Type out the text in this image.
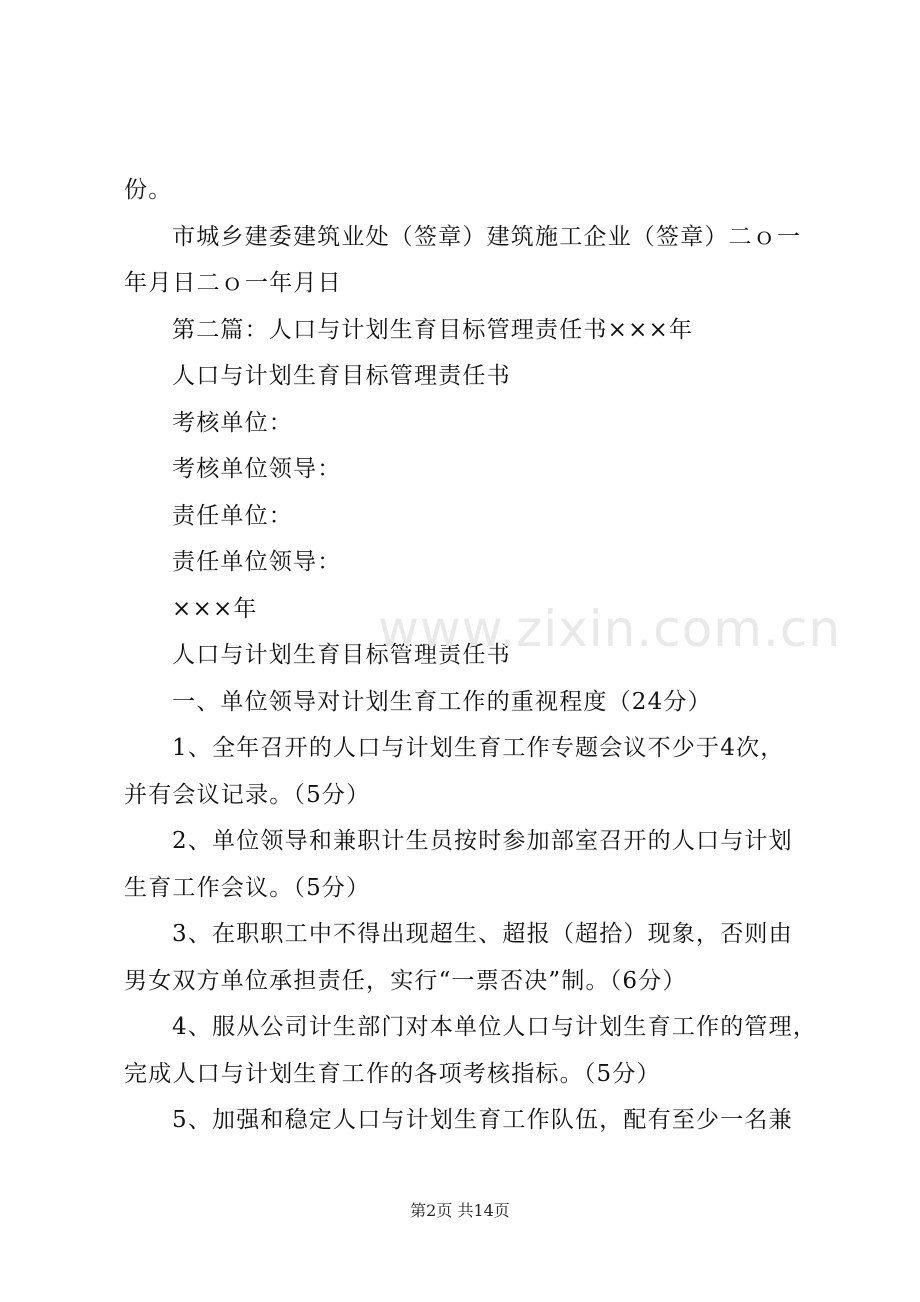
份。
市城乡建委建筑业处（签章）建筑施工企业（签章）二ｏ一
年月日二ｏ一年月日
第二篇：人口与计划生育目标管理责任书×××年
人口与计划生育目标管理责任书
考核单位：
考核单位领导：
责任单位：
责任单位领导：
×××年
人口与计划生育目标管理责任书
一、单位领导对计划生育工作的重视程度（24分）
1、全年召开的人口与计划生育工作专题会议不少于4次，
并有会议记录。（5分）
2、单位领导和兼职计生员按时参加部室召开的人口与计划
生育工作会议。（5分）
3、在职职工中不得出现超生、超报（超拾）现象，否则由
男女双方单位承担责任，实行“一票否决”制。（6分）
4、服从公司计生部门对本单位人口与计划生育工作的管理，
完成人口与计划生育工作的各项考核指标。（5分）
5、加强和稳定人口与计划生育工作队伍，配有至少一名兼
www.zixin.com.cn
第2页 共14页
